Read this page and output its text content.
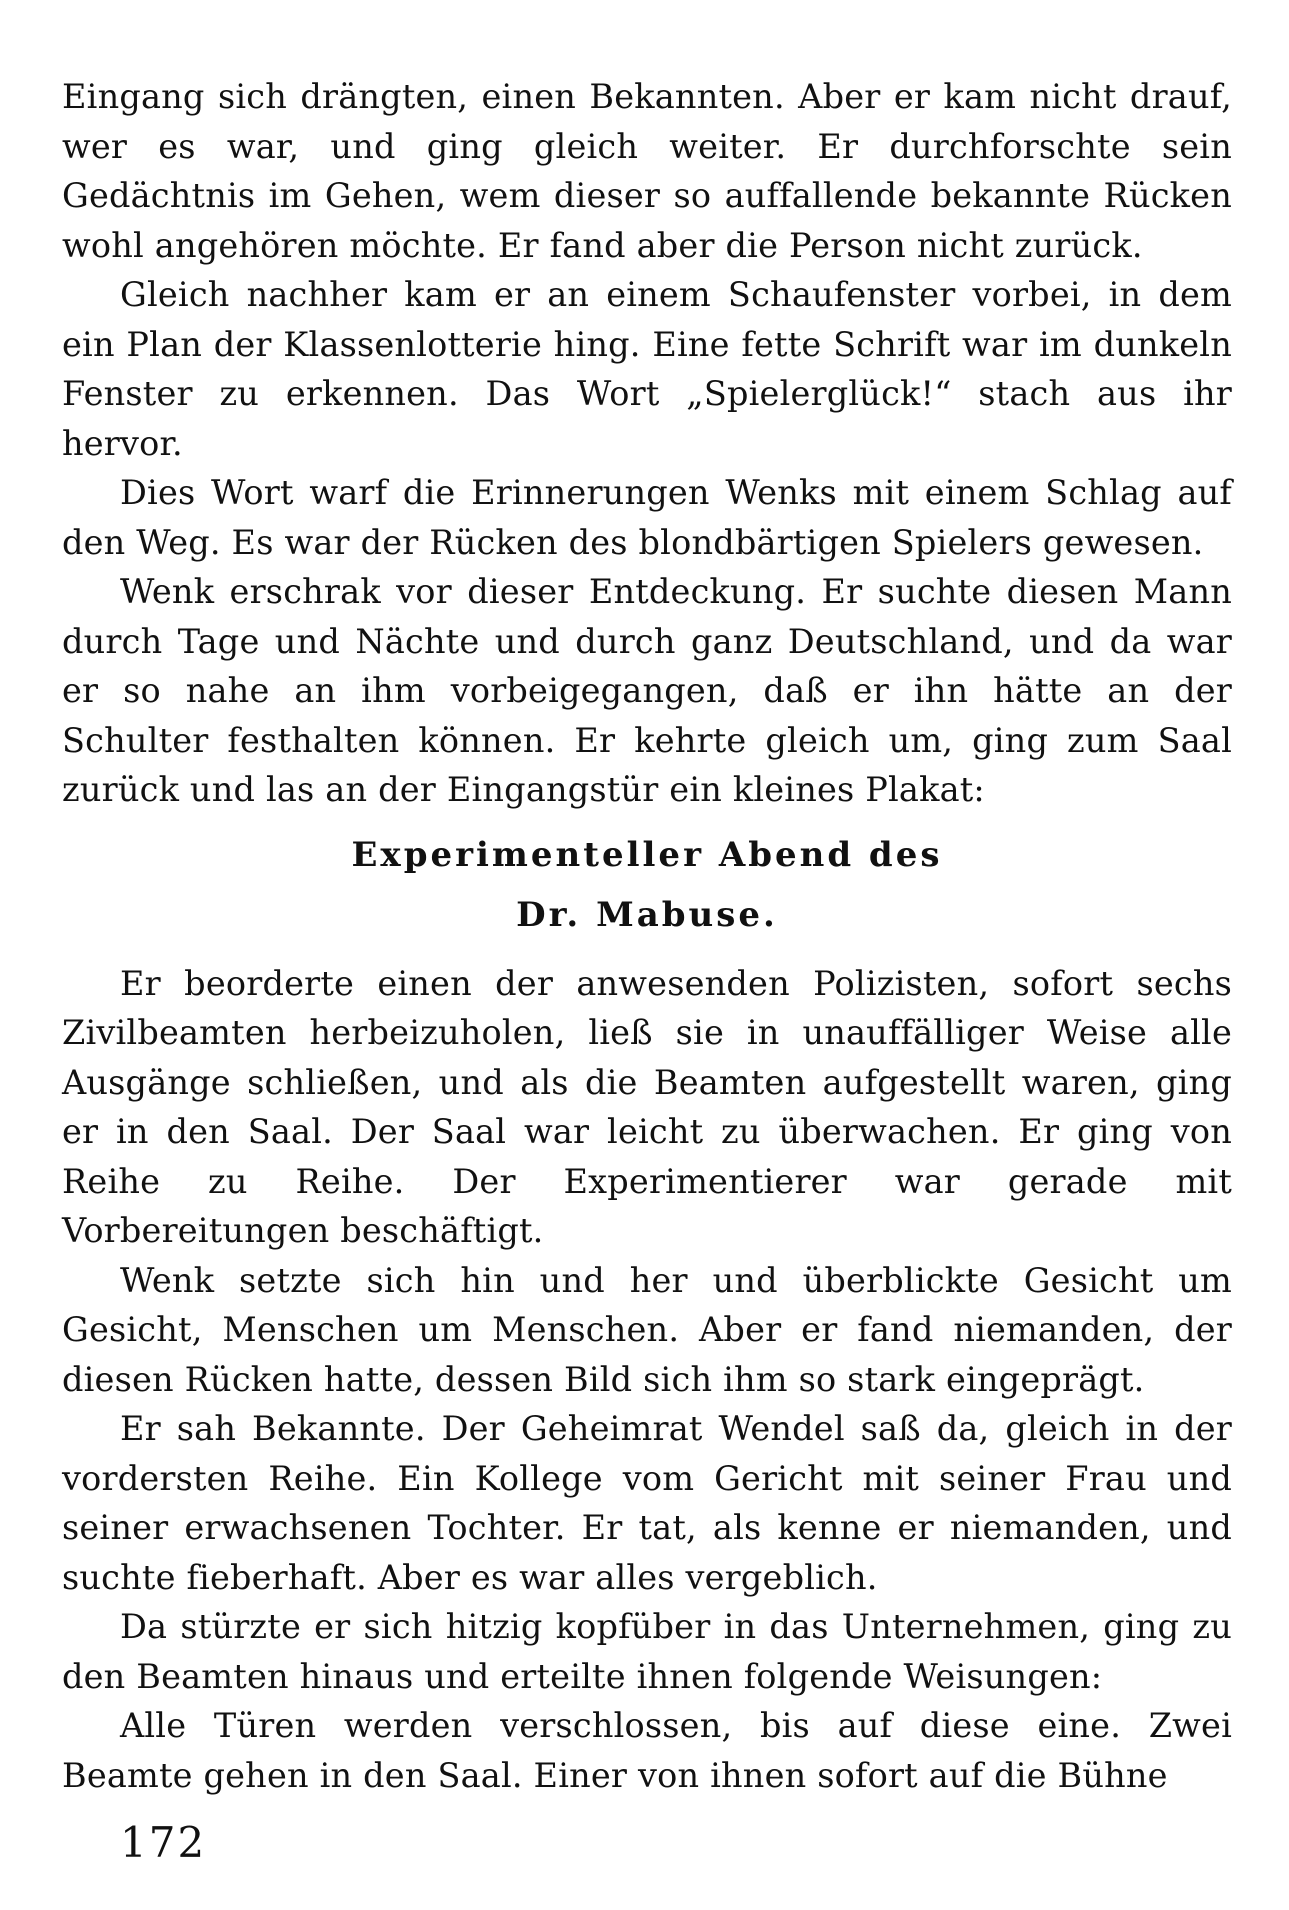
Eingang sich drängten, einen Bekannten. Aber er kam nicht drauf, wer es war, und ging gleich weiter. Er durchforschte sein Gedächtnis im Gehen, wem dieser so auffallende bekannte Rücken wohl angehören möchte. Er fand aber die Person nicht zurück.

Gleich nachher kam er an einem Schaufenster vorbei, in dem ein Plan der Klassenlotterie hing. Eine fette Schrift war im dunkeln Fenster zu erkennen. Das Wort „Spielerglück!“ stach aus ihr hervor.

Dies Wort warf die Erinnerungen Wenks mit einem Schlag auf den Weg. Es war der Rücken des blondbärtigen Spielers gewesen.

Wenk erschrak vor dieser Entdeckung. Er suchte diesen Mann durch Tage und Nächte und durch ganz Deutschland, und da war er so nahe an ihm vorbeigegangen, daß er ihn hätte an der Schulter festhalten können. Er kehrte gleich um, ging zum Saal zurück und las an der Eingangstür ein kleines Plakat:

Experimenteller Abend des
Dr. Mabuse.

Er beorderte einen der anwesenden Polizisten, sofort sechs Zivilbeamten herbeizuholen, ließ sie in unauffälliger Weise alle Ausgänge schließen, und als die Beamten aufgestellt waren, ging er in den Saal. Der Saal war leicht zu überwachen. Er ging von Reihe zu Reihe. Der Experimentierer war gerade mit Vorbereitungen beschäftigt.

Wenk setzte sich hin und her und überblickte Gesicht um Gesicht, Menschen um Menschen. Aber er fand niemanden, der diesen Rücken hatte, dessen Bild sich ihm so stark eingeprägt.

Er sah Bekannte. Der Geheimrat Wendel saß da, gleich in der vordersten Reihe. Ein Kollege vom Gericht mit seiner Frau und seiner erwachsenen Tochter. Er tat, als kenne er niemanden, und suchte fieberhaft. Aber es war alles vergeblich.

Da stürzte er sich hitzig kopfüber in das Unternehmen, ging zu den Beamten hinaus und erteilte ihnen folgende Weisungen:

Alle Türen werden verschlossen, bis auf diese eine. Zwei Beamte gehen in den Saal. Einer von ihnen sofort auf die Bühne

172
